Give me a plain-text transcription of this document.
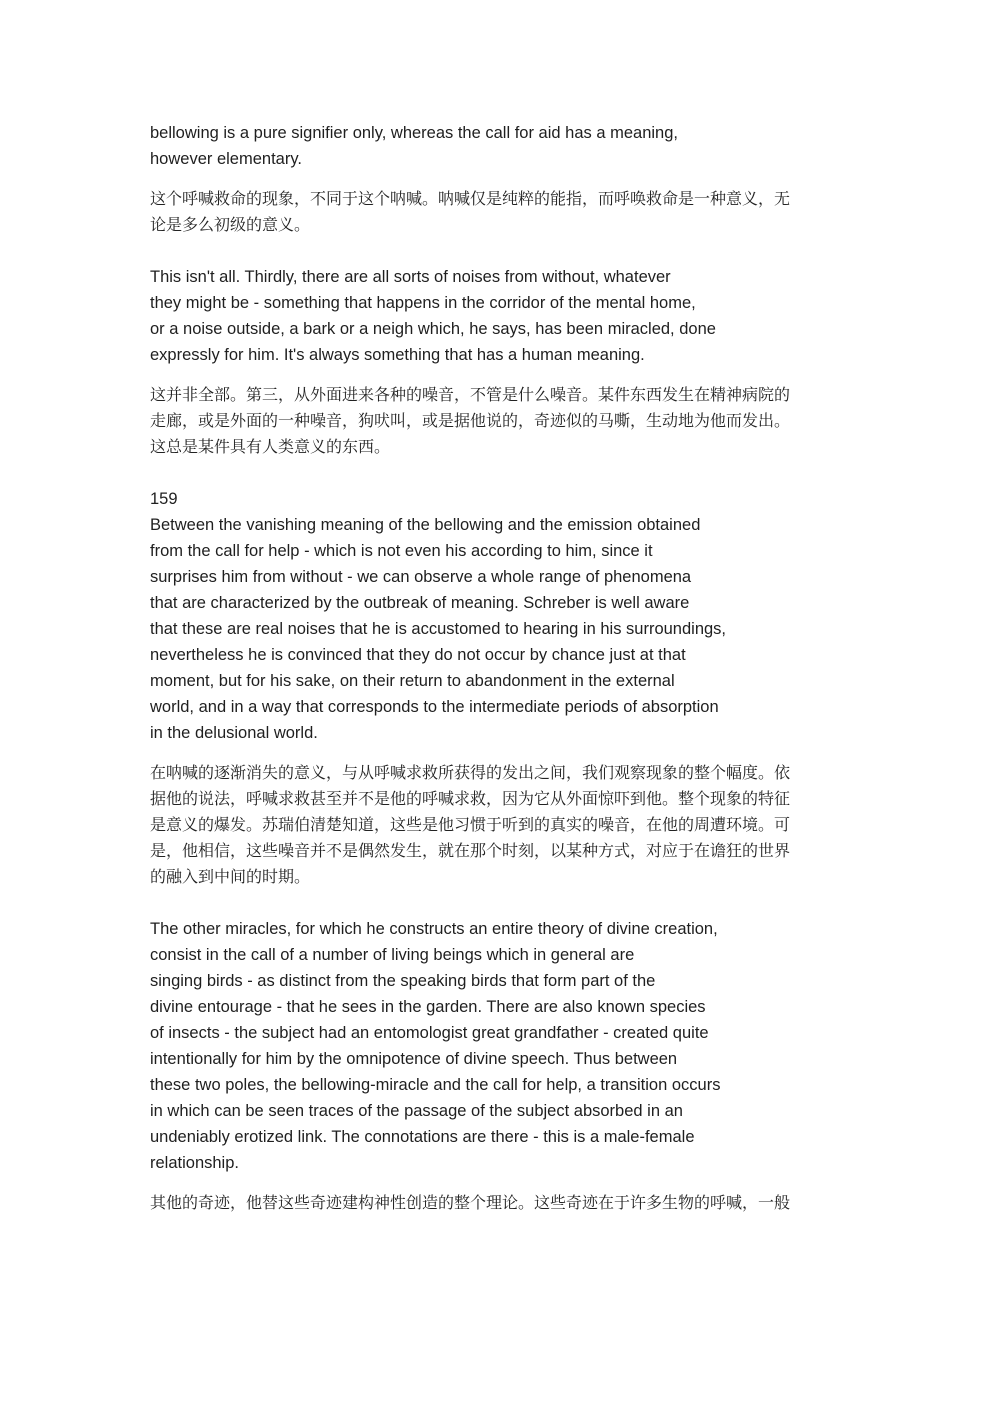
bellowing is a pure signifier only, whereas the call for aid has a meaning,
however elementary.

这个呼喊救命的现象，不同于这个呐喊。呐喊仅是纯粹的能指，而呼唤救命是一种意义，无
论是多么初级的意义。

This isn't all. Thirdly, there are all sorts of noises from without, whatever
they might be - something that happens in the corridor of the mental home,
or a noise outside, a bark or a neigh which, he says, has been miracled, done
expressly for him. It's always something that has a human meaning.

这并非全部。第三，从外面进来各种的噪音，不管是什么噪音。某件东西发生在精神病院的
走廊，或是外面的一种噪音，狗吠叫，或是据他说的，奇迹似的马嘶，生动地为他而发出。
这总是某件具有人类意义的东西。

159

Between the vanishing meaning of the bellowing and the emission obtained
from the call for help - which is not even his according to him, since it
surprises him from without - we can observe a whole range of phenomena
that are characterized by the outbreak of meaning. Schreber is well aware
that these are real noises that he is accustomed to hearing in his surroundings,
nevertheless he is convinced that they do not occur by chance just at that
moment, but for his sake, on their return to abandonment in the external
world, and in a way that corresponds to the intermediate periods of absorption
in the delusional world.

在呐喊的逐渐消失的意义，与从呼喊求救所获得的发出之间，我们观察现象的整个幅度。依
据他的说法，呼喊求救甚至并不是他的呼喊求救，因为它从外面惊吓到他。整个现象的特征
是意义的爆发。苏瑞伯清楚知道，这些是他习惯于听到的真实的噪音，在他的周遭环境。可
是，他相信，这些噪音并不是偶然发生，就在那个时刻，以某种方式，对应于在谵狂的世界
的融入到中间的时期。

The other miracles, for which he constructs an entire theory of divine creation,
consist in the call of a number of living beings which in general are
singing birds - as distinct from the speaking birds that form part of the
divine entourage - that he sees in the garden. There are also known species
of insects - the subject had an entomologist great grandfather - created quite
intentionally for him by the omnipotence of divine speech. Thus between
these two poles, the bellowing-miracle and the call for help, a transition occurs
in which can be seen traces of the passage of the subject absorbed in an
undeniably erotized link. The connotations are there - this is a male-female
relationship.

其他的奇迹，他替这些奇迹建构神性创造的整个理论。这些奇迹在于许多生物的呼喊，一般
